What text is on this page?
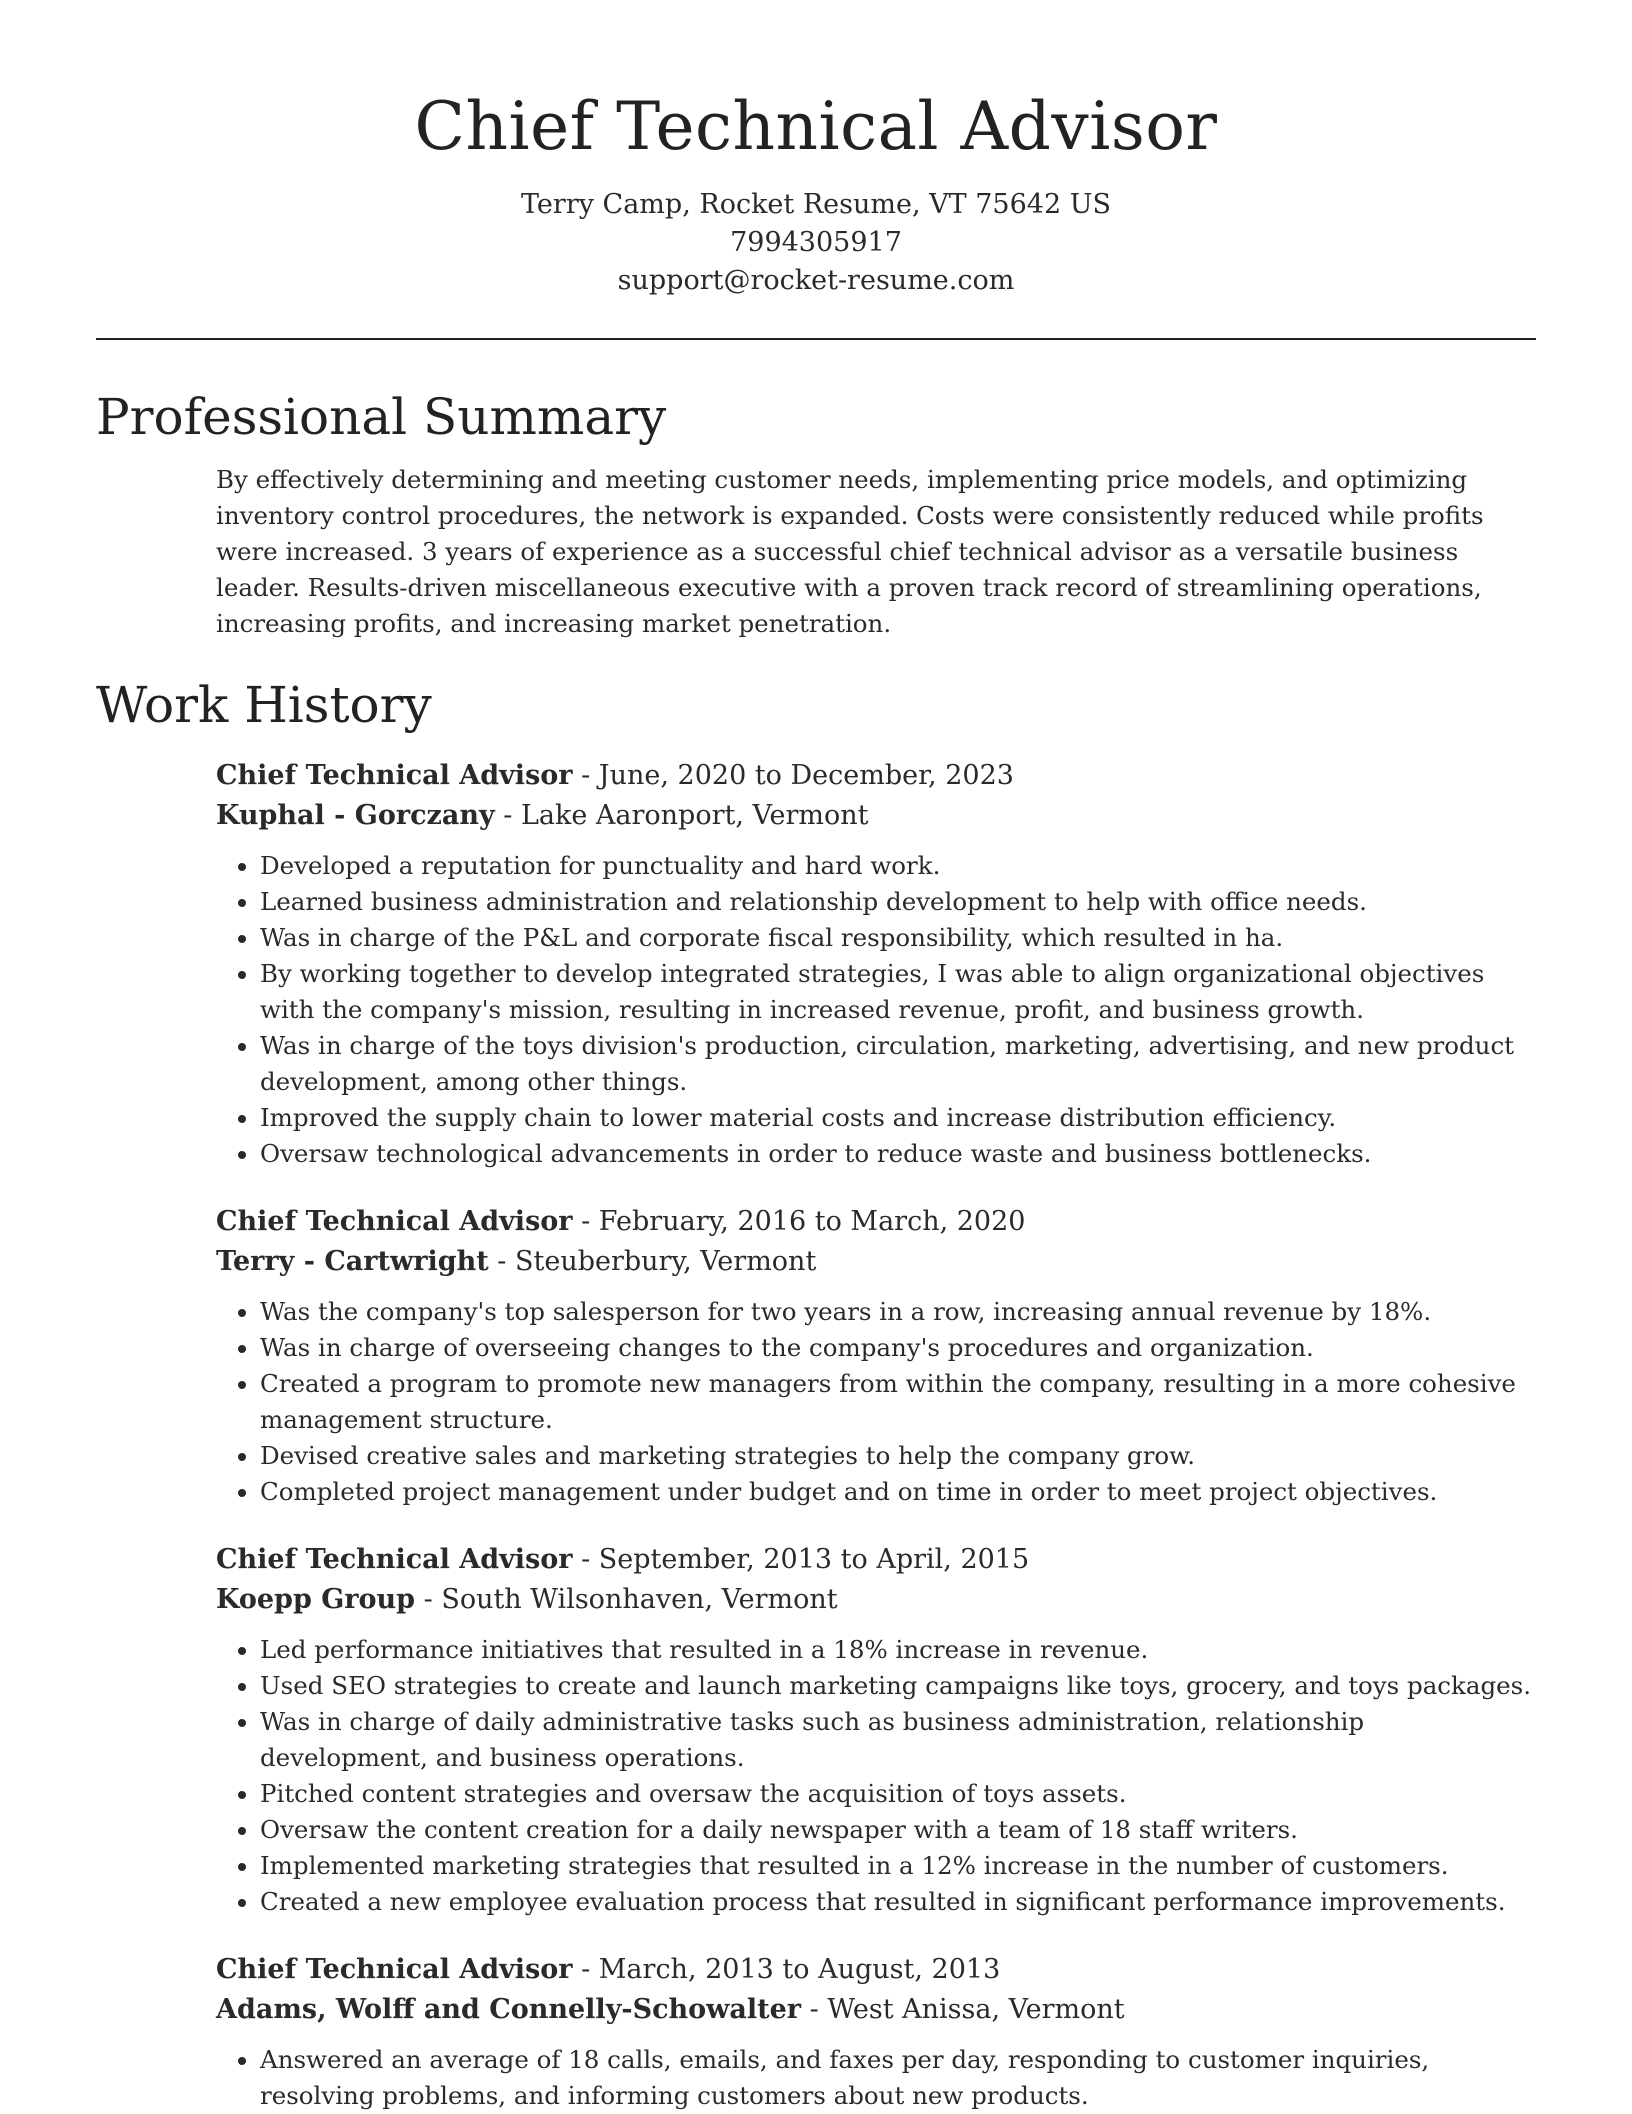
Chief Technical Advisor
Terry Camp, Rocket Resume, VT 75642 US
7994305917
support@rocket-resume.com
Professional Summary

By effectively determining and meeting customer needs, implementing price models, and optimizing inventory control procedures, the network is expanded. Costs were consistently reduced while profits were increased. 3 years of experience as a successful chief technical advisor as a versatile business leader. Results-driven miscellaneous executive with a proven track record of streamlining operations, increasing profits, and increasing market penetration.

Work History
Chief Technical Advisor - June, 2020 to December, 2023
Kuphal - Gorczany - Lake Aaronport, Vermont
• Developed a reputation for punctuality and hard work.
• Learned business administration and relationship development to help with office needs.
• Was in charge of the P&L and corporate fiscal responsibility, which resulted in ha.
• By working together to develop integrated strategies, I was able to align organizational objectives with the company's mission, resulting in increased revenue, profit, and business growth.
• Was in charge of the toys division's production, circulation, marketing, advertising, and new product development, among other things.
• Improved the supply chain to lower material costs and increase distribution efficiency.
• Oversaw technological advancements in order to reduce waste and business bottlenecks.
Chief Technical Advisor - February, 2016 to March, 2020
Terry - Cartwright - Steuberbury, Vermont
• Was the company's top salesperson for two years in a row, increasing annual revenue by 18%.
• Was in charge of overseeing changes to the company's procedures and organization.
• Created a program to promote new managers from within the company, resulting in a more cohesive management structure.
• Devised creative sales and marketing strategies to help the company grow.
• Completed project management under budget and on time in order to meet project objectives.
Chief Technical Advisor - September, 2013 to April, 2015
Koepp Group - South Wilsonhaven, Vermont
• Led performance initiatives that resulted in a 18% increase in revenue.
• Used SEO strategies to create and launch marketing campaigns like toys, grocery, and toys packages.
• Was in charge of daily administrative tasks such as business administration, relationship development, and business operations.
• Pitched content strategies and oversaw the acquisition of toys assets.
• Oversaw the content creation for a daily newspaper with a team of 18 staff writers.
• Implemented marketing strategies that resulted in a 12% increase in the number of customers.
• Created a new employee evaluation process that resulted in significant performance improvements.
Chief Technical Advisor - March, 2013 to August, 2013
Adams, Wolff and Connelly-Schowalter - West Anissa, Vermont
• Answered an average of 18 calls, emails, and faxes per day, responding to customer inquiries, resolving problems, and informing customers about new products.
